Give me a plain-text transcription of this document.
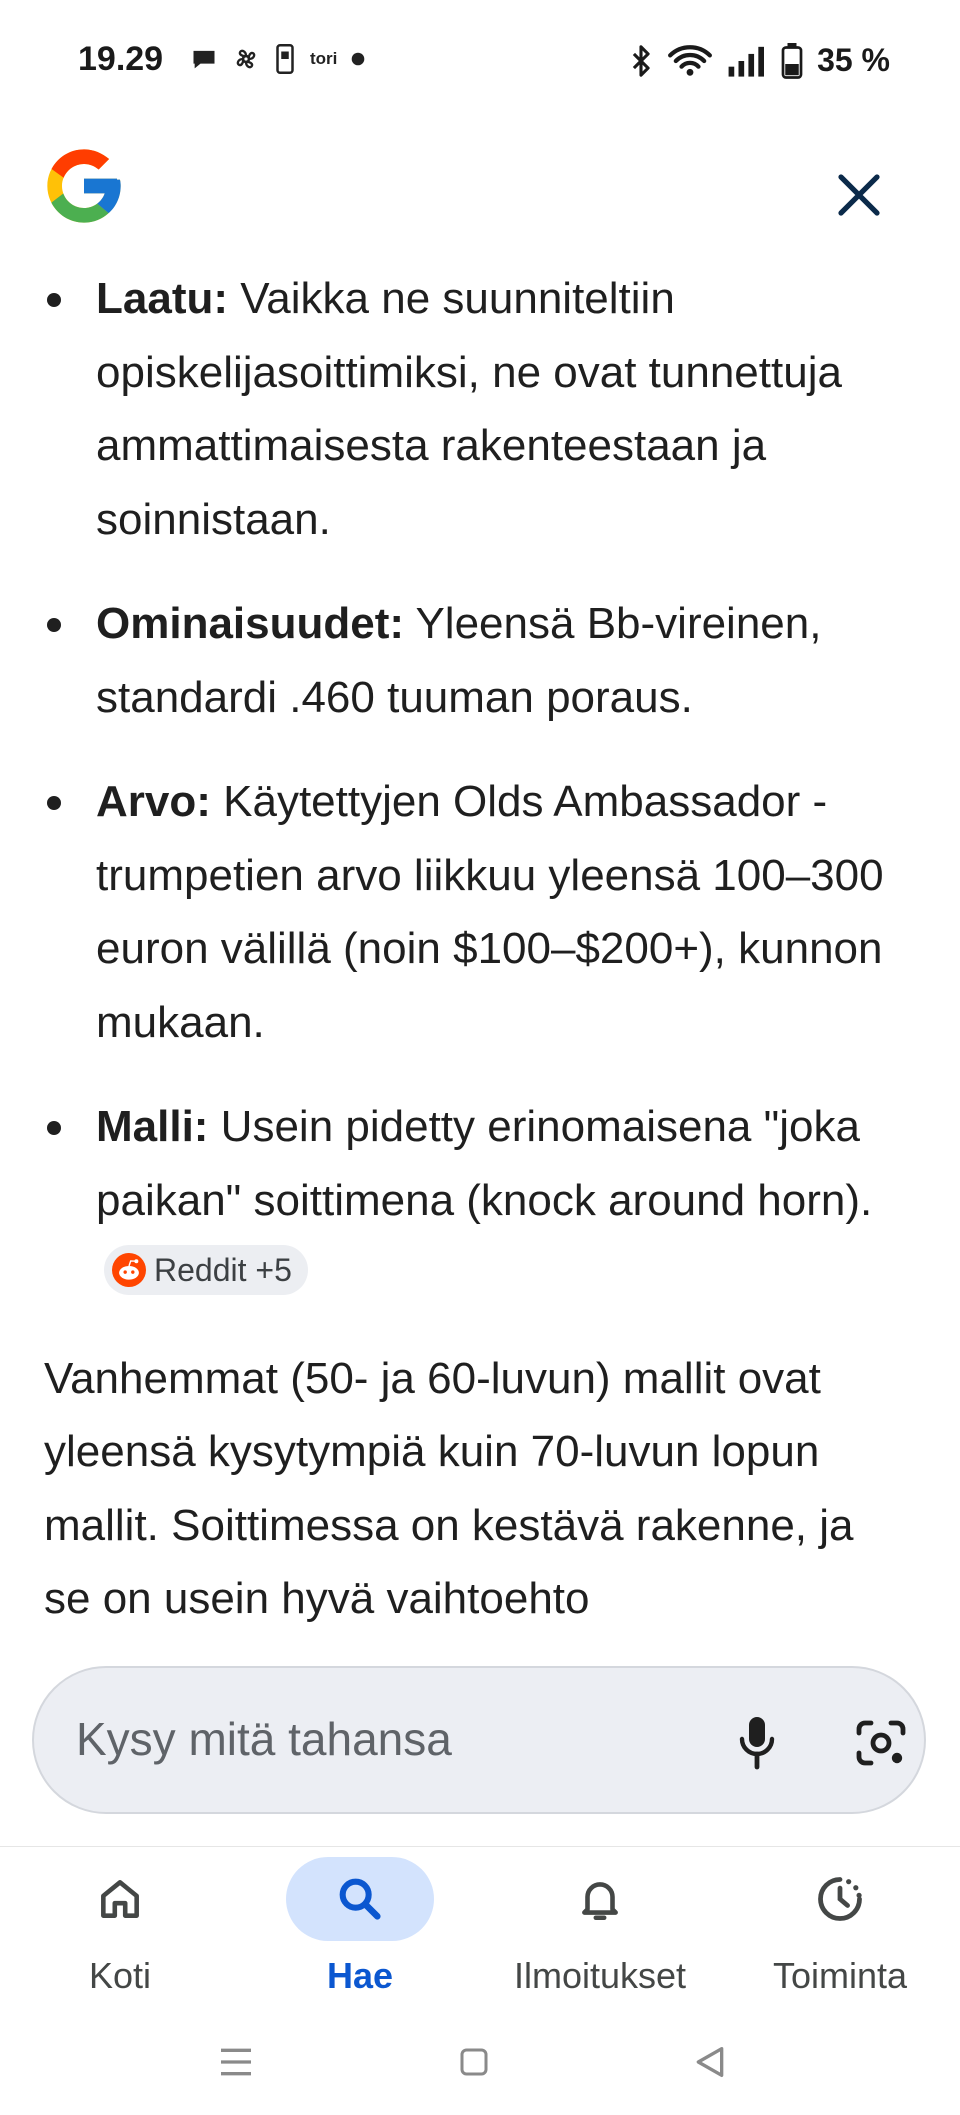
19.29	tori	35 %
Laatu: Vaikka ne suunniteltiin opiskelijasoittimiksi, ne ovat tunnettuja ammattimaisesta rakenteestaan ja soinnistaan.
Ominaisuudet: Yleensä Bb-vireinen, standardi .460 tuuman poraus.
Arvo: Käytettyjen Olds Ambassador -trumpetien arvo liikkuu yleensä 100–300 euron välillä (noin $100–$200+), kunnon mukaan.
Malli: Usein pidetty erinomaisena "joka paikan" soittimena (knock around horn).
Reddit +5

Vanhemmat (50- ja 60-luvun) mallit ovat yleensä kysytympiä kuin 70-luvun lopun mallit. Soittimessa on kestävä rakenne, ja se on usein hyvä vaihtoehto

Kysy mitä tahansa
Koti	Hae	Ilmoitukset	Toiminta
